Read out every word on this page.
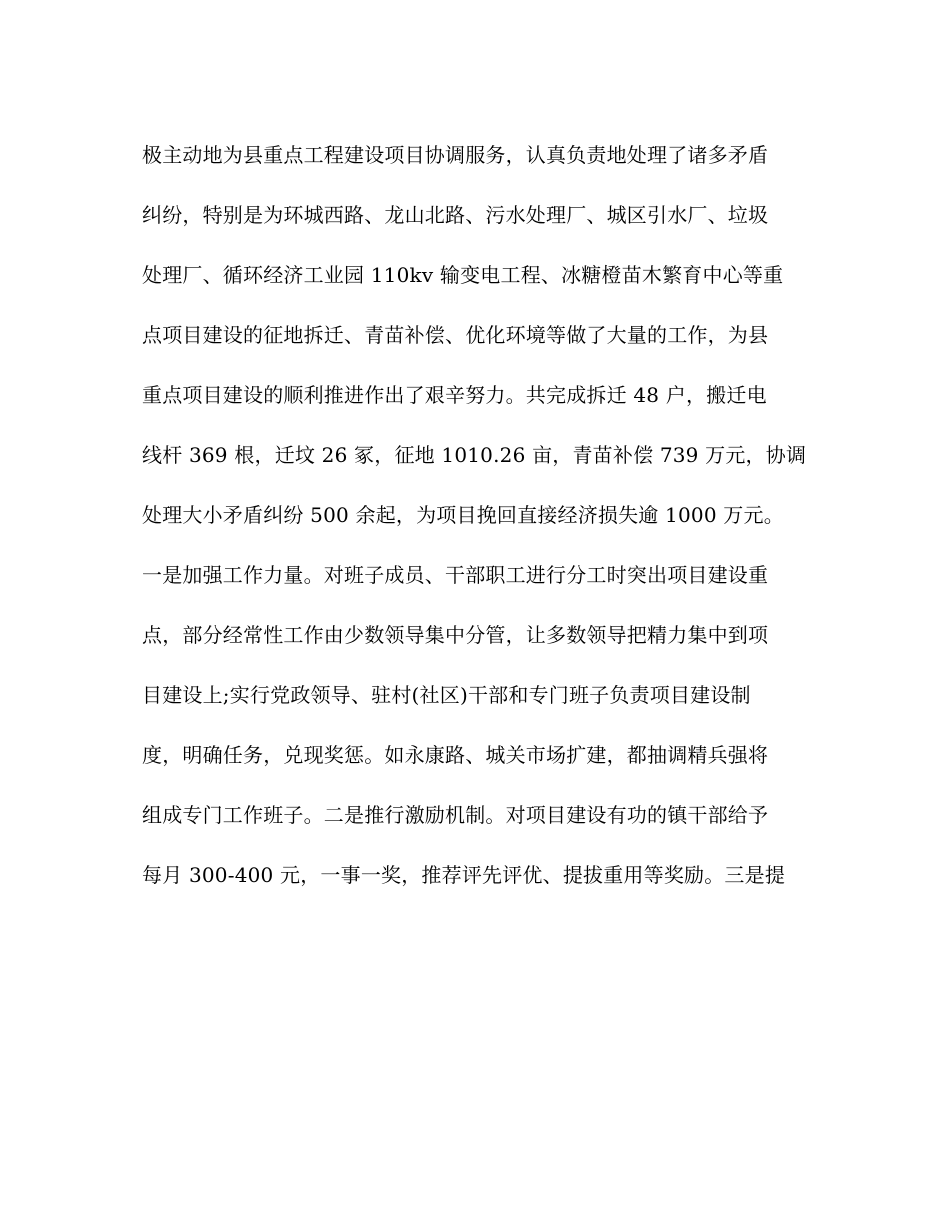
极主动地为县重点工程建设项目协调服务，认真负责地处理了诸多矛盾
纠纷，特别是为环城西路、龙山北路、污水处理厂、城区引水厂、垃圾
处理厂、循环经济工业园 110kv 输变电工程、冰糖橙苗木繁育中心等重
点项目建设的征地拆迁、青苗补偿、优化环境等做了大量的工作，为县
重点项目建设的顺利推进作出了艰辛努力。共完成拆迁 48 户，搬迁电
线杆 369 根，迁坟 26 冢，征地 1010.26 亩，青苗补偿 739 万元，协调
处理大小矛盾纠纷 500 余起，为项目挽回直接经济损失逾 1000 万元。
一是加强工作力量。对班子成员、干部职工进行分工时突出项目建设重
点，部分经常性工作由少数领导集中分管，让多数领导把精力集中到项
目建设上;实行党政领导、驻村(社区)干部和专门班子负责项目建设制
度，明确任务，兑现奖惩。如永康路、城关市场扩建，都抽调精兵强将
组成专门工作班子。二是推行激励机制。对项目建设有功的镇干部给予
每月 300-400 元，一事一奖，推荐评先评优、提拔重用等奖励。三是提
